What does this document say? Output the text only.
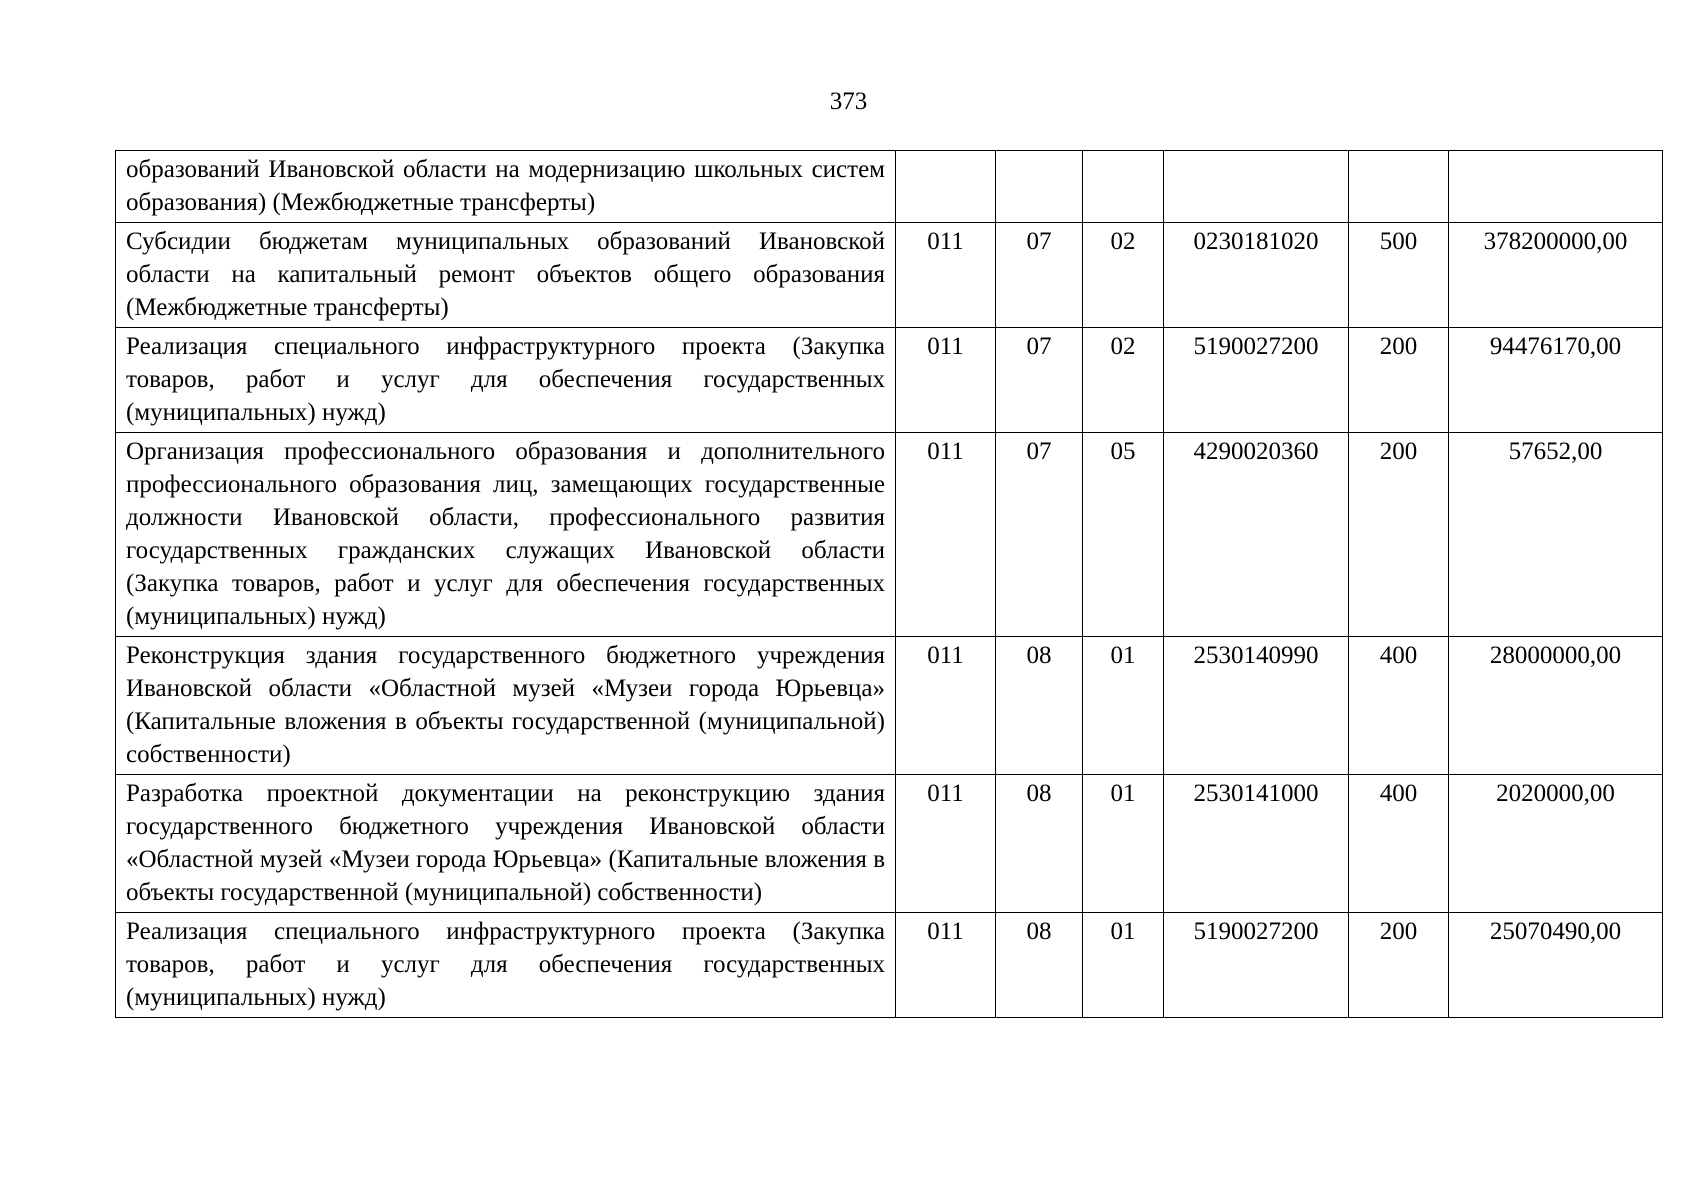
373
образований Ивановской области на модернизацию школьных систем образования) (Межбюджетные трансферты)						
Субсидии бюджетам муниципальных образований Ивановской области на капитальный ремонт объектов общего образования (Межбюджетные трансферты)	011	07	02	0230181020	500	378200000,00
Реализация специального инфраструктурного проекта (Закупка товаров, работ и услуг для обеспечения государственных (муниципальных) нужд)	011	07	02	5190027200	200	94476170,00
Организация профессионального образования и дополнительного профессионального образования лиц, замещающих государственные должности Ивановской области, профессионального развития государственных гражданских служащих Ивановской области (Закупка товаров, работ и услуг для обеспечения государственных (муниципальных) нужд)	011	07	05	4290020360	200	57652,00
Реконструкция здания государственного бюджетного учреждения Ивановской области «Областной музей «Музеи города Юрьевца» (Капитальные вложения в объекты государственной (муниципальной) собственности)	011	08	01	2530140990	400	28000000,00
Разработка проектной документации на реконструкцию здания государственного бюджетного учреждения Ивановской области «Областной музей «Музеи города Юрьевца» (Капитальные вложения в объекты государственной (муниципальной) собственности)	011	08	01	2530141000	400	2020000,00
Реализация специального инфраструктурного проекта (Закупка товаров, работ и услуг для обеспечения государственных (муниципальных) нужд)	011	08	01	5190027200	200	25070490,00
